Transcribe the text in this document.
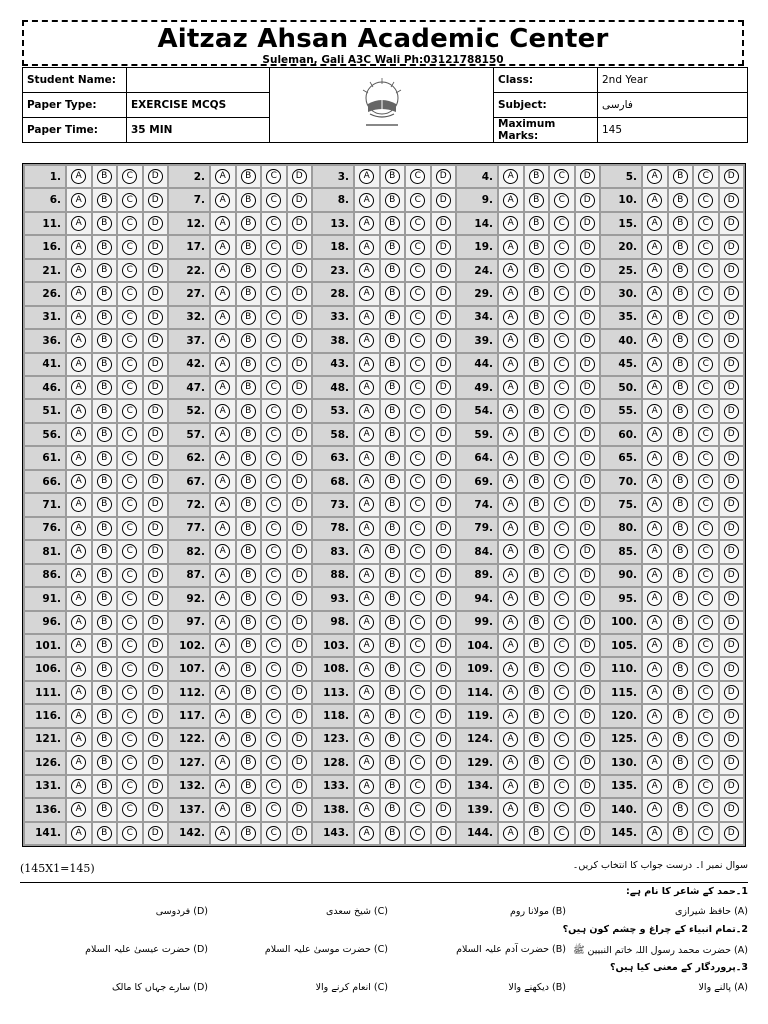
Aitzaz Ahsan Academic Center
Suleman, Gali A3C Wali Ph:03121788150
Student Name:			Class:	2nd Year
Paper Type:	EXERCISE MCQS		Subject:	فارسی
Paper Time:	35 MIN		Maximum Marks:	145
1.	A	B	C	D	2.	A	B	C	D	3.	A	B	C	D	4.	A	B	C	D	5.	A	B	C	D
6.	A	B	C	D	7.	A	B	C	D	8.	A	B	C	D	9.	A	B	C	D	10.	A	B	C	D
11.	A	B	C	D	12.	A	B	C	D	13.	A	B	C	D	14.	A	B	C	D	15.	A	B	C	D
16.	A	B	C	D	17.	A	B	C	D	18.	A	B	C	D	19.	A	B	C	D	20.	A	B	C	D
21.	A	B	C	D	22.	A	B	C	D	23.	A	B	C	D	24.	A	B	C	D	25.	A	B	C	D
26.	A	B	C	D	27.	A	B	C	D	28.	A	B	C	D	29.	A	B	C	D	30.	A	B	C	D
31.	A	B	C	D	32.	A	B	C	D	33.	A	B	C	D	34.	A	B	C	D	35.	A	B	C	D
36.	A	B	C	D	37.	A	B	C	D	38.	A	B	C	D	39.	A	B	C	D	40.	A	B	C	D
41.	A	B	C	D	42.	A	B	C	D	43.	A	B	C	D	44.	A	B	C	D	45.	A	B	C	D
46.	A	B	C	D	47.	A	B	C	D	48.	A	B	C	D	49.	A	B	C	D	50.	A	B	C	D
51.	A	B	C	D	52.	A	B	C	D	53.	A	B	C	D	54.	A	B	C	D	55.	A	B	C	D
56.	A	B	C	D	57.	A	B	C	D	58.	A	B	C	D	59.	A	B	C	D	60.	A	B	C	D
61.	A	B	C	D	62.	A	B	C	D	63.	A	B	C	D	64.	A	B	C	D	65.	A	B	C	D
66.	A	B	C	D	67.	A	B	C	D	68.	A	B	C	D	69.	A	B	C	D	70.	A	B	C	D
71.	A	B	C	D	72.	A	B	C	D	73.	A	B	C	D	74.	A	B	C	D	75.	A	B	C	D
76.	A	B	C	D	77.	A	B	C	D	78.	A	B	C	D	79.	A	B	C	D	80.	A	B	C	D
81.	A	B	C	D	82.	A	B	C	D	83.	A	B	C	D	84.	A	B	C	D	85.	A	B	C	D
86.	A	B	C	D	87.	A	B	C	D	88.	A	B	C	D	89.	A	B	C	D	90.	A	B	C	D
91.	A	B	C	D	92.	A	B	C	D	93.	A	B	C	D	94.	A	B	C	D	95.	A	B	C	D
96.	A	B	C	D	97.	A	B	C	D	98.	A	B	C	D	99.	A	B	C	D	100.	A	B	C	D
101.	A	B	C	D	102.	A	B	C	D	103.	A	B	C	D	104.	A	B	C	D	105.	A	B	C	D
106.	A	B	C	D	107.	A	B	C	D	108.	A	B	C	D	109.	A	B	C	D	110.	A	B	C	D
111.	A	B	C	D	112.	A	B	C	D	113.	A	B	C	D	114.	A	B	C	D	115.	A	B	C	D
116.	A	B	C	D	117.	A	B	C	D	118.	A	B	C	D	119.	A	B	C	D	120.	A	B	C	D
121.	A	B	C	D	122.	A	B	C	D	123.	A	B	C	D	124.	A	B	C	D	125.	A	B	C	D
126.	A	B	C	D	127.	A	B	C	D	128.	A	B	C	D	129.	A	B	C	D	130.	A	B	C	D
131.	A	B	C	D	132.	A	B	C	D	133.	A	B	C	D	134.	A	B	C	D	135.	A	B	C	D
136.	A	B	C	D	137.	A	B	C	D	138.	A	B	C	D	139.	A	B	C	D	140.	A	B	C	D
141.	A	B	C	D	142.	A	B	C	D	143.	A	B	C	D	144.	A	B	C	D	145.	A	B	C	D
(145X1=145)	سوال نمبر ا۔ درست جواب کا انتخاب کریں۔
1۔حمد کے شاعر کا نام ہے:
(A) حافظ شیرازی
(B) مولانا روم
(C) شیخ سعدی
(D) فردوسی
2۔تمام انبیاء کے چراغ و چشم کون ہیں؟
(A) حضرت محمد رسول اللہ خاتم النبیین ﷺ
(B) حضرت آدم علیہ السلام
(C) حضرت موسیٰ علیہ السلام
(D) حضرت عیسیٰ علیہ السلام
3۔پروردگار کے معنی کیا ہیں؟
(A) پالنے والا
(B) دیکھنے والا
(C) انعام کرنے والا
(D) سارے جہاں کا مالک
